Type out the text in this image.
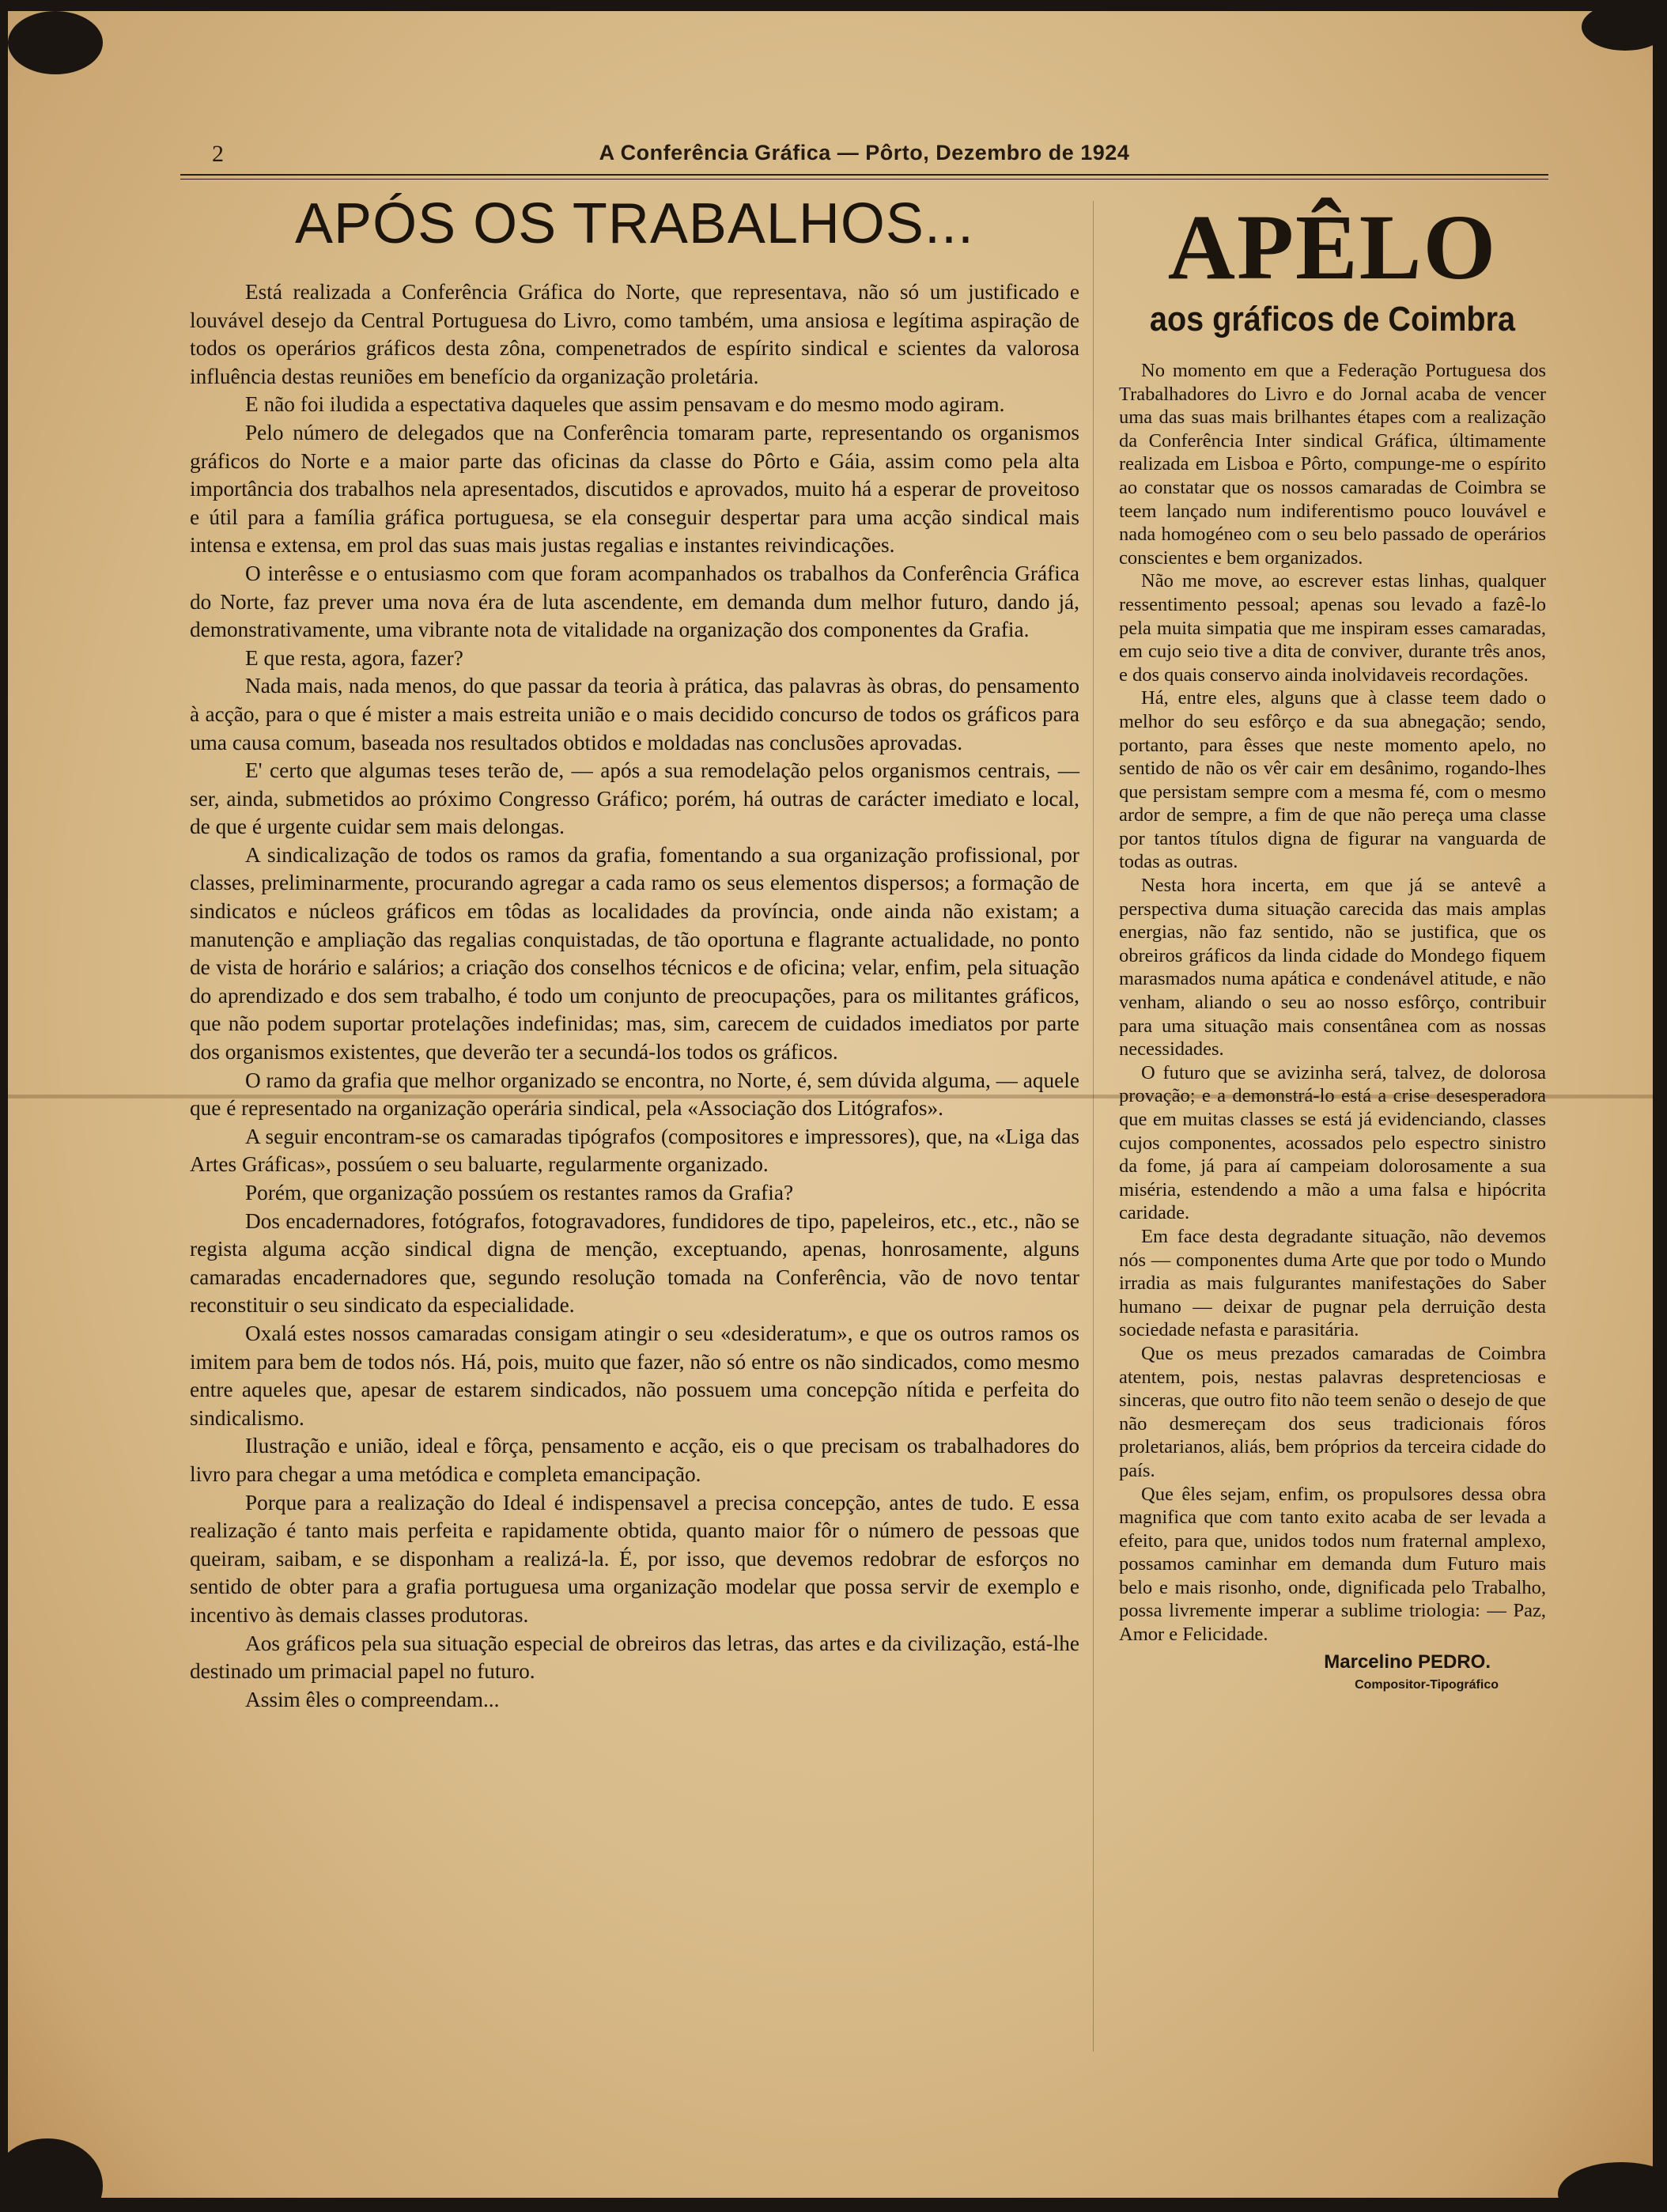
2	A Conferência Gráfica — Pôrto, Dezembro de 1924
APÓS OS TRABALHOS...

Está realizada a Conferência Gráfica do Norte, que representava, não só um justificado e louvável desejo da Central Portuguesa do Livro, como também, uma ansiosa e legítima aspiração de todos os operários gráficos desta zôna, compenetrados de espírito sindical e scientes da valorosa influência destas reuniões em benefício da organização proletária.

E não foi iludida a espectativa daqueles que assim pensavam e do mesmo modo agiram.

Pelo número de delegados que na Conferência tomaram parte, representando os organismos gráficos do Norte e a maior parte das oficinas da classe do Pôrto e Gáia, assim como pela alta importância dos trabalhos nela apresentados, discutidos e aprovados, muito há a esperar de proveitoso e útil para a família gráfica portuguesa, se ela conseguir despertar para uma acção sindical mais intensa e extensa, em prol das suas mais justas regalias e instantes reivindicações.

O interêsse e o entusiasmo com que foram acompanhados os trabalhos da Conferência Gráfica do Norte, faz prever uma nova éra de luta ascendente, em demanda dum melhor futuro, dando já, demonstrativamente, uma vibrante nota de vitalidade na organização dos componentes da Grafia.

E que resta, agora, fazer?

Nada mais, nada menos, do que passar da teoria à prática, das palavras às obras, do pensamento à acção, para o que é mister a mais estreita união e o mais decidido concurso de todos os gráficos para uma causa comum, baseada nos resultados obtidos e moldadas nas conclusões aprovadas.

E' certo que algumas teses terão de, — após a sua remodelação pelos organismos centrais, — ser, ainda, submetidos ao próximo Congresso Gráfico; porém, há outras de carácter imediato e local, de que é urgente cuidar sem mais delongas.

A sindicalização de todos os ramos da grafia, fomentando a sua organização profissional, por classes, preliminarmente, procurando agregar a cada ramo os seus elementos dispersos; a formação de sindicatos e núcleos gráficos em tôdas as localidades da província, onde ainda não existam; a manutenção e ampliação das regalias conquistadas, de tão oportuna e flagrante actualidade, no ponto de vista de horário e salários; a criação dos conselhos técnicos e de oficina; velar, enfim, pela situação do aprendizado e dos sem trabalho, é todo um conjunto de preocupações, para os militantes gráficos, que não podem suportar protelações indefinidas; mas, sim, carecem de cuidados imediatos por parte dos organismos existentes, que deverão ter a secundá-los todos os gráficos.

O ramo da grafia que melhor organizado se encontra, no Norte, é, sem dúvida alguma, — aquele que é representado na organização operária sindical, pela «Associação dos Litógrafos».

A seguir encontram-se os camaradas tipógrafos (compositores e impressores), que, na «Liga das Artes Gráficas», possúem o seu baluarte, regularmente organizado.

Porém, que organização possúem os restantes ramos da Grafia?

Dos encadernadores, fotógrafos, fotogravadores, fundidores de tipo, papeleiros, etc., etc., não se regista alguma acção sindical digna de menção, exceptuando, apenas, honrosamente, alguns camaradas encadernadores que, segundo resolução tomada na Conferência, vão de novo tentar reconstituir o seu sindicato da especialidade.

Oxalá estes nossos camaradas consigam atingir o seu «desideratum», e que os outros ramos os imitem para bem de todos nós. Há, pois, muito que fazer, não só entre os não sindicados, como mesmo entre aqueles que, apesar de estarem sindicados, não possuem uma concepção nítida e perfeita do sindicalismo.

Ilustração e união, ideal e fôrça, pensamento e acção, eis o que precisam os trabalhadores do livro para chegar a uma metódica e completa emancipação.

Porque para a realização do Ideal é indispensavel a precisa concepção, antes de tudo. E essa realização é tanto mais perfeita e rapidamente obtida, quanto maior fôr o número de pessoas que queiram, saibam, e se disponham a realizá-la. É, por isso, que devemos redobrar de esforços no sentido de obter para a grafia portuguesa uma organização modelar que possa servir de exemplo e incentivo às demais classes produtoras.

Aos gráficos pela sua situação especial de obreiros das letras, das artes e da civilização, está-lhe destinado um primacial papel no futuro.

Assim êles o compreendam...

APÊLO
aos gráficos de Coimbra

No momento em que a Federação Portuguesa dos Trabalhadores do Livro e do Jornal acaba de vencer uma das suas mais brilhantes étapes com a realização da Conferência Inter sindical Gráfica, últimamente realizada em Lisboa e Pôrto, compunge-me o espírito ao constatar que os nossos camaradas de Coimbra se teem lançado num indiferentismo pouco louvável e nada homogéneo com o seu belo passado de operários conscientes e bem organizados.

Não me move, ao escrever estas linhas, qualquer ressentimento pessoal; apenas sou levado a fazê-lo pela muita simpatia que me inspiram esses camaradas, em cujo seio tive a dita de conviver, durante três anos, e dos quais conservo ainda inolvidaveis recordações.

Há, entre eles, alguns que à classe teem dado o melhor do seu esfôrço e da sua abnegação; sendo, portanto, para êsses que neste momento apelo, no sentido de não os vêr cair em desânimo, rogando-lhes que persistam sempre com a mesma fé, com o mesmo ardor de sempre, a fim de que não pereça uma classe por tantos títulos digna de figurar na vanguarda de todas as outras.

Nesta hora incerta, em que já se antevê a perspectiva duma situação carecida das mais amplas energias, não faz sentido, não se justifica, que os obreiros gráficos da linda cidade do Mondego fiquem marasmados numa apática e condenável atitude, e não venham, aliando o seu ao nosso esfôrço, contribuir para uma situação mais consentânea com as nossas necessidades.

O futuro que se avizinha será, talvez, de dolorosa provação; e a demonstrá-lo está a crise desesperadora que em muitas classes se está já evidenciando, classes cujos componentes, acossados pelo espectro sinistro da fome, já para aí campeiam dolorosamente a sua miséria, estendendo a mão a uma falsa e hipócrita caridade.

Em face desta degradante situação, não devemos nós — componentes duma Arte que por todo o Mundo irradia as mais fulgurantes manifestações do Saber humano — deixar de pugnar pela derruição desta sociedade nefasta e parasitária.

Que os meus prezados camaradas de Coimbra atentem, pois, nestas palavras despretenciosas e sinceras, que outro fito não teem senão o desejo de que não desmereçam dos seus tradicionais fóros proletarianos, aliás, bem próprios da terceira cidade do país.

Que êles sejam, enfim, os propulsores dessa obra magnifica que com tanto exito acaba de ser levada a efeito, para que, unidos todos num fraternal amplexo, possamos caminhar em demanda dum Futuro mais belo e mais risonho, onde, dignificada pelo Trabalho, possa livremente imperar a sublime triologia: — Paz, Amor e Felicidade.

Marcelino PEDRO.
Compositor-Tipográfico
